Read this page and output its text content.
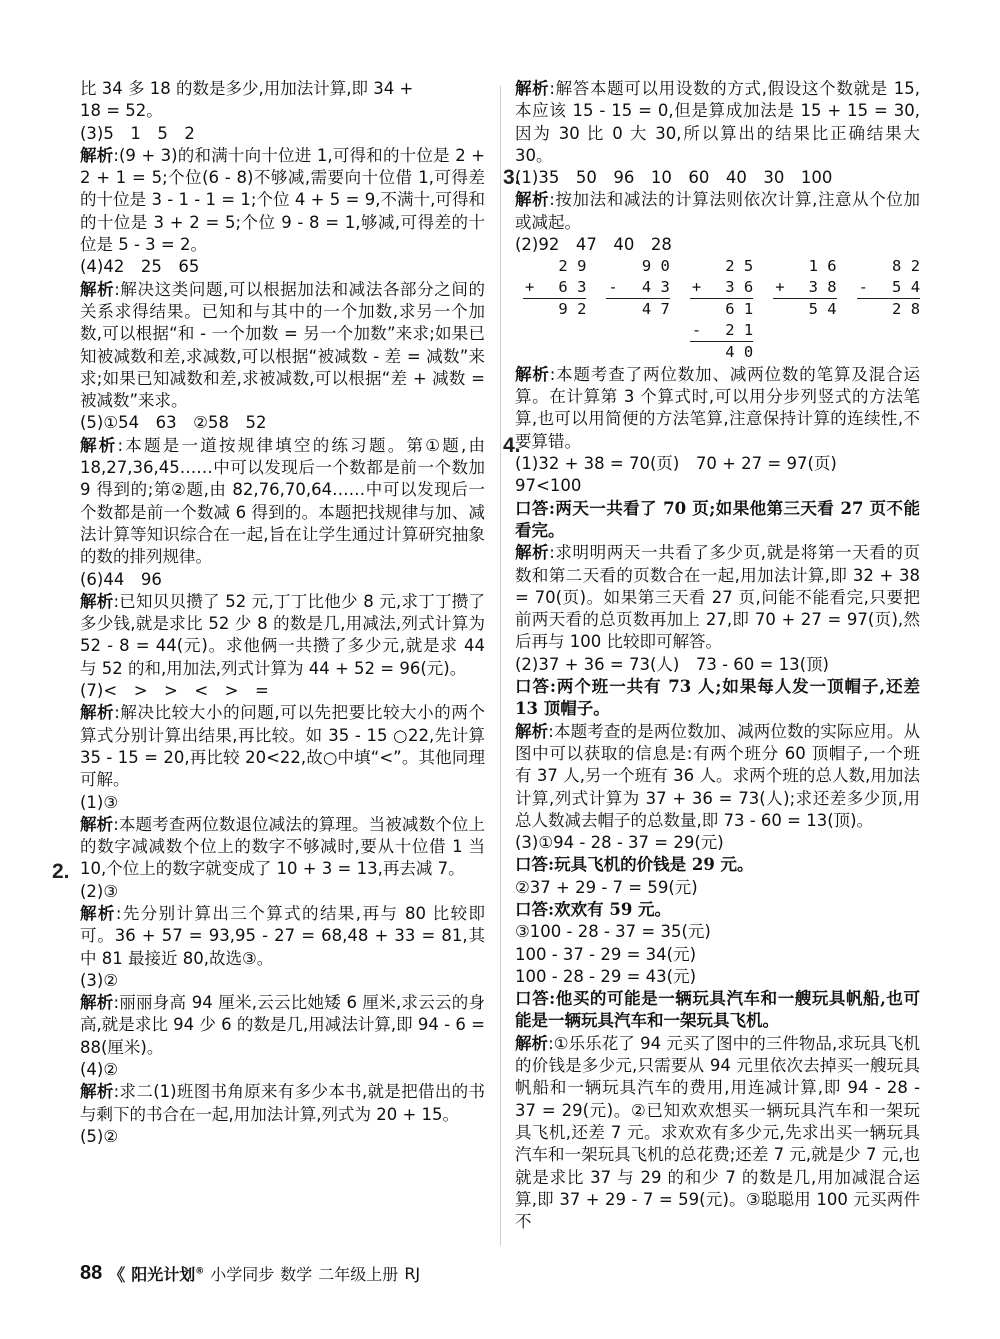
比 34 多 18 的数是多少,用加法计算,即 34 +

18 = 52。

(3)5　1　5　2

解析:(9 + 3)的和满十向十位进 1,可得和的十位是 2 + 2 + 1 = 5;个位(6 - 8)不够减,需要向十位借 1,可得差的十位是 3 - 1 - 1 = 1;个位 4 + 5 = 9,不满十,可得和的十位是 3 + 2 = 5;个位 9 - 8 = 1,够减,可得差的十位是 5 - 3 = 2。

(4)42　25　65

解析:解决这类问题,可以根据加法和减法各部分之间的关系求得结果。已知和与其中的一个加数,求另一个加数,可以根据“和 - 一个加数 = 另一个加数”来求;如果已知被减数和差,求减数,可以根据“被减数 - 差 = 减数”来求;如果已知减数和差,求被减数,可以根据“差 + 减数 = 被减数”来求。

(5)①54　63　②58　52

解析:本题是一道按规律填空的练习题。第①题,由 18,27,36,45……中可以发现后一个数都是前一个数加 9 得到的;第②题,由 82,76,70,64……中可以发现后一个数都是前一个数减 6 得到的。本题把找规律与加、减法计算等知识综合在一起,旨在让学生通过计算研究抽象的数的排列规律。

(6)44　96

解析:已知贝贝攒了 52 元,丁丁比他少 8 元,求丁丁攒了多少钱,就是求比 52 少 8 的数是几,用减法,列式计算为 52 - 8 = 44(元)。求他俩一共攒了多少元,就是求 44 与 52 的和,用加法,列式计算为 44 + 52 = 96(元)。

(7)<　>　>　<　>　=

解析:解决比较大小的问题,可以先把要比较大小的两个算式分别计算出结果,再比较。如 35 - 15 ○22,先计算 35 - 15 = 20,再比较 20<22,故○中填“<”。其他同理可解。

(1)③

解析:本题考查两位数退位减法的算理。当被减数个位上的数字减减数个位上的数字不够减时,要从十位借 1 当 10,个位上的数字就变成了 10 + 3 = 13,再去减 7。

(2)③

解析:先分别计算出三个算式的结果,再与 80 比较即可。36 + 57 = 93,95 - 27 = 68,48 + 33 = 81,其中 81 最接近 80,故选③。

(3)②

解析:丽丽身高 94 厘米,云云比她矮 6 厘米,求云云的身高,就是求比 94 少 6 的数是几,用减法计算,即 94 - 6 = 88(厘米)。

(4)②

解析:求二(1)班图书角原来有多少本书,就是把借出的书与剩下的书合在一起,用加法计算,列式为 20 + 15。

(5)②

2.

解析:解答本题可以用设数的方式,假设这个数就是 15,本应该 15 - 15 = 0,但是算成加法是 15 + 15 = 30,因为 30 比 0 大 30,所以算出的结果比正确结果大 30。

(1)35　50　96　10　60　40　30　100

解析:按加法和减法的计算法则依次计算,注意从个位加或减起。

(2)92　47　40　28

2 9
+ 6 3
9 2
9 0
- 4 3
4 7
2 5
+ 3 6
6 1
- 2 1
4 0
1 6
+ 3 8
5 4
8 2
- 5 4
2 8

解析:本题考查了两位数加、减两位数的笔算及混合运算。在计算第 3 个算式时,可以用分步列竖式的方法笔算,也可以用简便的方法笔算,注意保持计算的连续性,不要算错。

(1)32 + 38 = 70(页)　70 + 27 = 97(页)

97<100

口答:两天一共看了 70 页;如果他第三天看 27 页不能看完。

解析:求明明两天一共看了多少页,就是将第一天看的页数和第二天看的页数合在一起,用加法计算,即 32 + 38 = 70(页)。如果第三天看 27 页,问能不能看完,只要把前两天看的总页数再加上 27,即 70 + 27 = 97(页),然后再与 100 比较即可解答。

(2)37 + 36 = 73(人)　73 - 60 = 13(顶)

口答:两个班一共有 73 人;如果每人发一顶帽子,还差 13 顶帽子。

解析:本题考查的是两位数加、减两位数的实际应用。从图中可以获取的信息是:有两个班分 60 顶帽子,一个班有 37 人,另一个班有 36 人。求两个班的总人数,用加法计算,列式计算为 37 + 36 = 73(人);求还差多少顶,用总人数减去帽子的总数量,即 73 - 60 = 13(顶)。

(3)①94 - 28 - 37 = 29(元)

口答:玩具飞机的价钱是 29 元。

②37 + 29 - 7 = 59(元)

口答:欢欢有 59 元。

③100 - 28 - 37 = 35(元)

100 - 37 - 29 = 34(元)

100 - 28 - 29 = 43(元)

口答:他买的可能是一辆玩具汽车和一艘玩具帆船,也可能是一辆玩具汽车和一架玩具飞机。

解析:①乐乐花了 94 元买了图中的三件物品,求玩具飞机的价钱是多少元,只需要从 94 元里依次去掉买一艘玩具帆船和一辆玩具汽车的费用,用连减计算,即 94 - 28 - 37 = 29(元)。②已知欢欢想买一辆玩具汽车和一架玩具飞机,还差 7 元。求欢欢有多少元,先求出买一辆玩具汽车和一架玩具飞机的总花费;还差 7 元,就是少 7 元,也就是求比 37 与 29 的和少 7 的数是几,用加减混合运算,即 37 + 29 - 7 = 59(元)。③聪聪用 100 元买两件不

3.
4.
88 《 阳光计划® 小学同步 数学 二年级上册 RJ
